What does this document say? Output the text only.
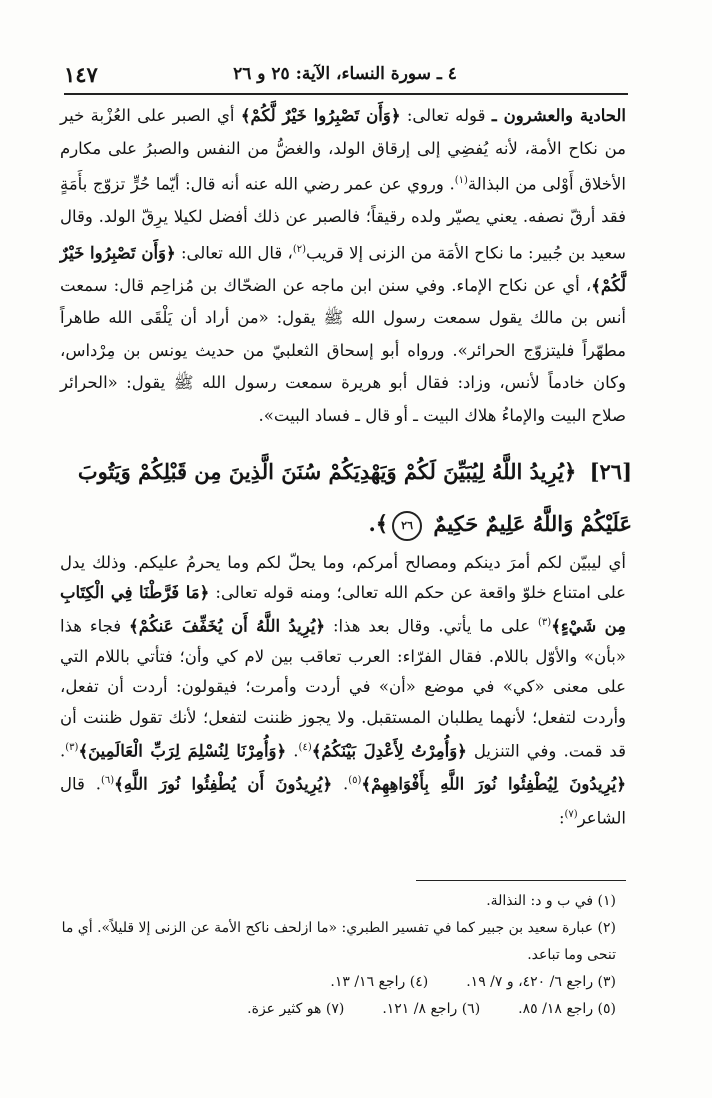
١٤٧	٤ ـ سورة النساء، الآية: ٢٥ و ٢٦
الحادية والعشرون ـ قوله تعالى: ﴿وَأَن تَصْبِرُوا خَيْرٌ لَّكُمْ﴾ أي الصبر على العُزْبة خير من نكاح الأمة، لأنه يُفضِي إلى إرقاق الولد، والغضُّ من النفس والصبرُ على مكارم الأخلاق أَوْلى من البذالة$^{(١)}$. وروي عن عمر رضي الله عنه أنه قال: أيّما حُرٍّ تزوّج بأَمَةٍ فقد أرقّ نصفه. يعني يصيّر ولده رقيقاً؛ فالصبر عن ذلك أفضل لكيلا يرِقّ الولد. وقال سعيد بن جُبير: ما نكاح الأمَة من الزنى إلا قريب$^{(٢)}$، قال الله تعالى: ﴿وَأَن تَصْبِرُوا خَيْرٌ لَّكُمْ﴾، أي عن نكاح الإماء. وفي سنن ابن ماجه عن الضحّاك بن مُزاحِم قال: سمعت أنس بن مالك يقول سمعت رسول الله ﷺ يقول: «من أراد أن يَلْقَى الله طاهراً مطهّراً فليتزوّج الحرائر». ورواه أبو إسحاق الثعلبيّ من حديث يونس بن مِرْداس، وكان خادماً لأنس، وزاد: فقال أبو هريرة سمعت رسول الله ﷺ يقول: «الحرائر صلاح البيت والإماءُ هلاك البيت ـ أو قال ـ فساد البيت».
[٢٦] ﴿يُرِيدُ اللَّهُ لِيُبَيِّنَ لَكُمْ وَيَهْدِيَكُمْ سُنَنَ الَّذِينَ مِن قَبْلِكُمْ وَيَتُوبَ عَلَيْكُمْ وَاللَّهُ عَلِيمٌ حَكِيمٌ ٢٦﴾.
أي ليبيّن لكم أمرَ دينكم ومصالح أمركم، وما يحلّ لكم وما يحرمُ عليكم. وذلك يدل على امتناع خلوّ واقعة عن حكم الله تعالى؛ ومنه قوله تعالى: ﴿مَا فَرَّطْنَا فِي الْكِتَابِ مِن شَيْءٍ﴾$^{(٣)}$ على ما يأتي. وقال بعد هذا: ﴿يُرِيدُ اللَّهُ أَن يُخَفِّفَ عَنكُمْ﴾ فجاء هذا «بأن» والأوّل باللام. فقال الفرّاء: العرب تعاقب بين لام كي وأن؛ فتأتي باللام التي على معنى «كي» في موضع «أن» في أردت وأمرت؛ فيقولون: أردت أن تفعل، وأردت لتفعل؛ لأنهما يطلبان المستقبل. ولا يجوز ظننت لتفعل؛ لأنك تقول ظننت أن قد قمت. وفي التنزيل ﴿وَأُمِرْتُ لِأَعْدِلَ بَيْنَكُمُ﴾$^{(٤)}$. ﴿وَأُمِرْنَا لِنُسْلِمَ لِرَبِّ الْعَالَمِينَ﴾$^{(٣)}$. ﴿يُرِيدُونَ لِيُطْفِئُوا نُورَ اللَّهِ بِأَفْوَاهِهِمْ﴾$^{(٥)}$. ﴿يُرِيدُونَ أَن يُطْفِئُوا نُورَ اللَّهِ﴾$^{(٦)}$. قال الشاعر$^{(٧)}$:
(١) في ب و د: النذالة.
(٢) عبارة سعيد بن جبير كما في تفسير الطبري: «ما ازلحف ناكح الأمة عن الزنى إلا قليلاً». أي ما تنحى وما تباعد.
(٣) راجع ٦/ ٤٢٠، و ٧/ ١٩.
(٤) راجع ١٦/ ١٣.
(٥) راجع ١٨/ ٨٥.
(٦) راجع ٨/ ١٢١.
(٧) هو كثير عزة.
